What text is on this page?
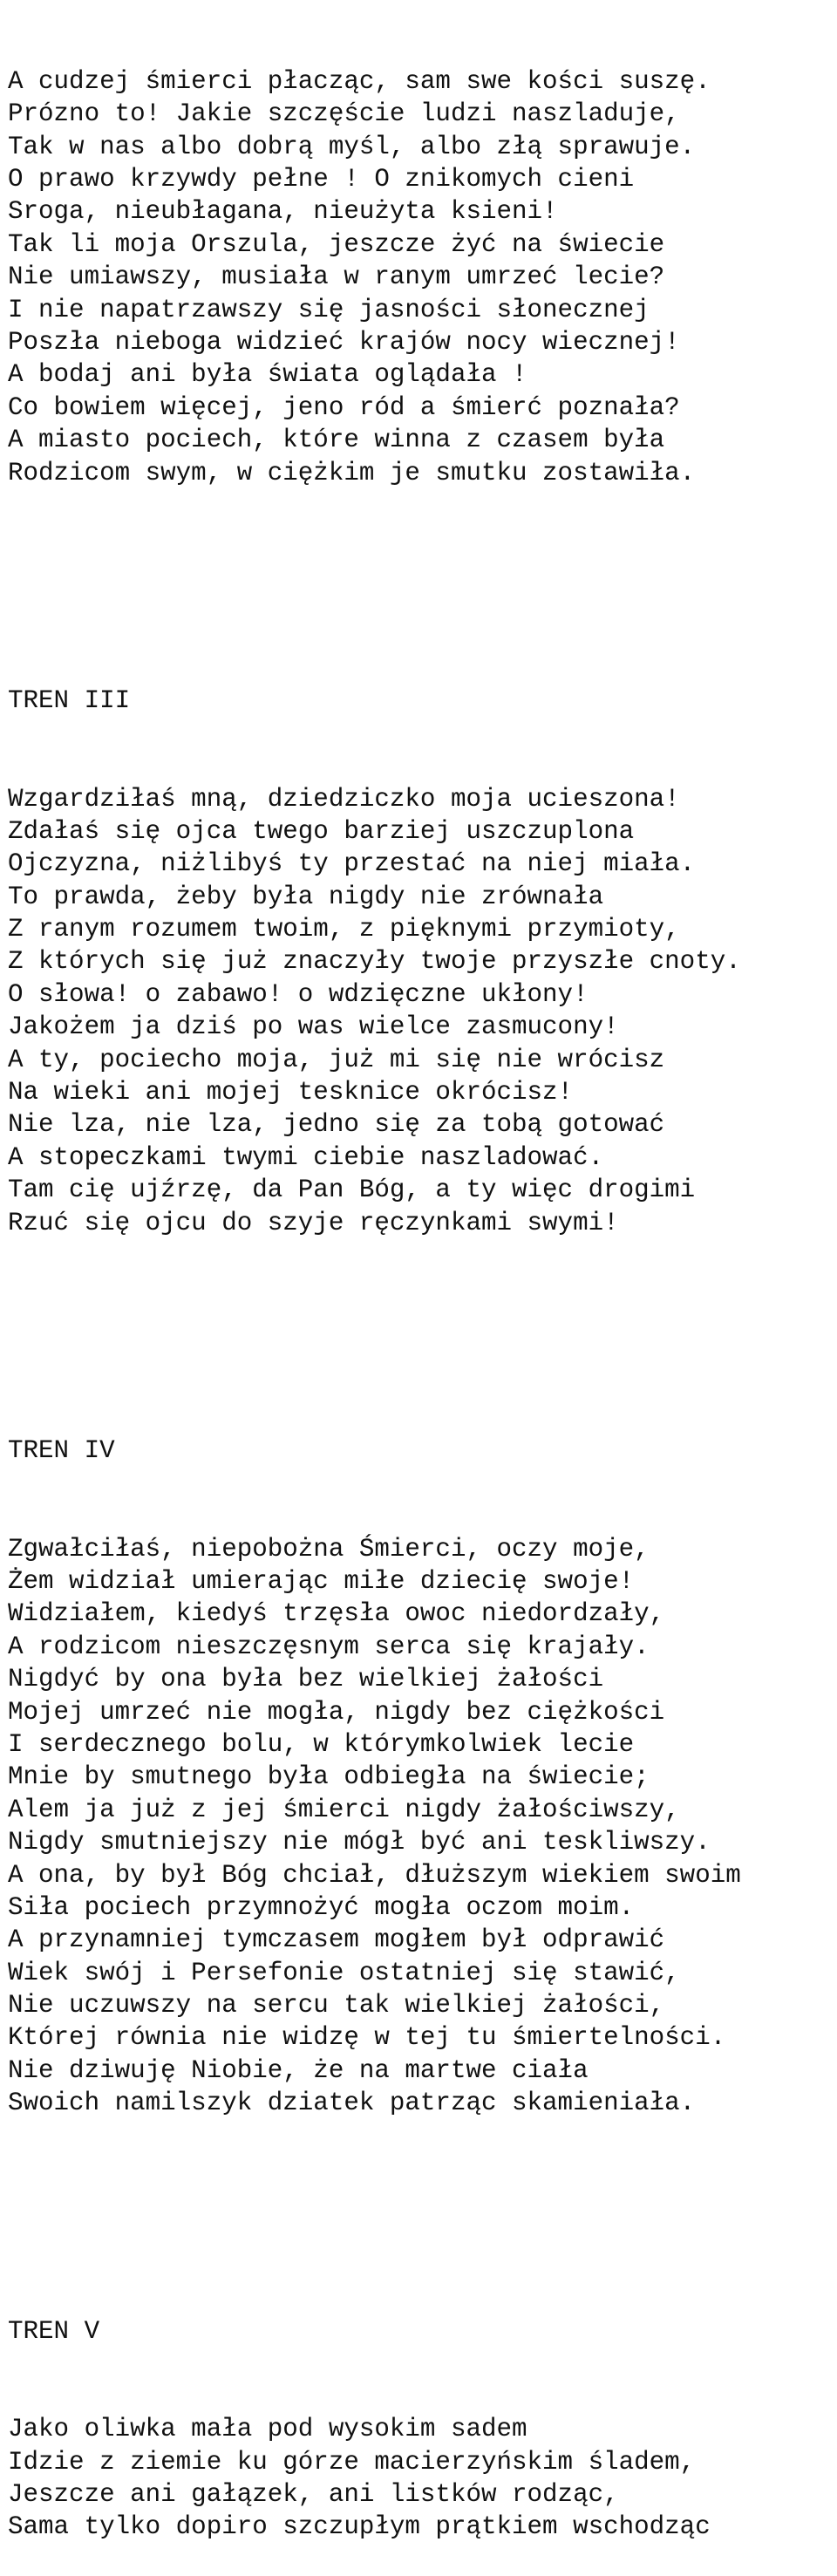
A cudzej śmierci płacząc, sam swe kości suszę.
Prózno to! Jakie szczęście ludzi naszladuje,
Tak w nas albo dobrą myśl, albo złą sprawuje.
O prawo krzywdy pełne ! O znikomych cieni
Sroga, nieubłagana, nieużyta ksieni!
Tak li moja Orszula, jeszcze żyć na świecie
Nie umiawszy, musiała w ranym umrzeć lecie?
I nie napatrzawszy się jasności słonecznej
Poszła nieboga widzieć krajów nocy wiecznej!
A bodaj ani była świata oglądała !
Co bowiem więcej, jeno ród a śmierć poznała?
A miasto pociech, które winna z czasem była
Rodzicom swym, w ciężkim je smutku zostawiła.

TREN III

Wzgardziłaś mną, dziedziczko moja ucieszona!
Zdałaś się ojca twego barziej uszczuplona
Ojczyzna, niżlibyś ty przestać na niej miała.
To prawda, żeby była nigdy nie zrównała
Z ranym rozumem twoim, z pięknymi przymioty,
Z których się już znaczyły twoje przyszłe cnoty.
O słowa! o zabawo! o wdzięczne ukłony!
Jakożem ja dziś po was wielce zasmucony!
A ty, pociecho moja, już mi się nie wrócisz
Na wieki ani mojej tesknice okrócisz!
Nie lza, nie lza, jedno się za tobą gotować
A stopeczkami twymi ciebie naszladować.
Tam cię ujźrzę, da Pan Bóg, a ty więc drogimi
Rzuć się ojcu do szyje ręczynkami swymi!

TREN IV

Zgwałciłaś, niepobożna Śmierci, oczy moje,
Żem widział umierając miłe dziecię swoje!
Widziałem, kiedyś trzęsła owoc niedordzały,
A rodzicom nieszczęsnym serca się krajały.
Nigdyć by ona była bez wielkiej żałości
Mojej umrzeć nie mogła, nigdy bez ciężkości
I serdecznego bolu, w którymkolwiek lecie
Mnie by smutnego była odbiegła na świecie;
Alem ja już z jej śmierci nigdy żałościwszy,
Nigdy smutniejszy nie mógł być ani teskliwszy.
A ona, by był Bóg chciał, dłuższym wiekiem swoim
Siła pociech przymnożyć mogła oczom moim.
A przynamniej tymczasem mogłem był odprawić
Wiek swój i Persefonie ostatniej się stawić,
Nie uczuwszy na sercu tak wielkiej żałości,
Której równia nie widzę w tej tu śmiertelności.
Nie dziwuję Niobie, że na martwe ciała
Swoich namilszyk dziatek patrząc skamieniała.

TREN V

Jako oliwka mała pod wysokim sadem
Idzie z ziemie ku górze macierzyńskim śladem,
Jeszcze ani gałązek, ani listków rodząc,
Sama tylko dopiro szczupłym prątkiem wschodząc
